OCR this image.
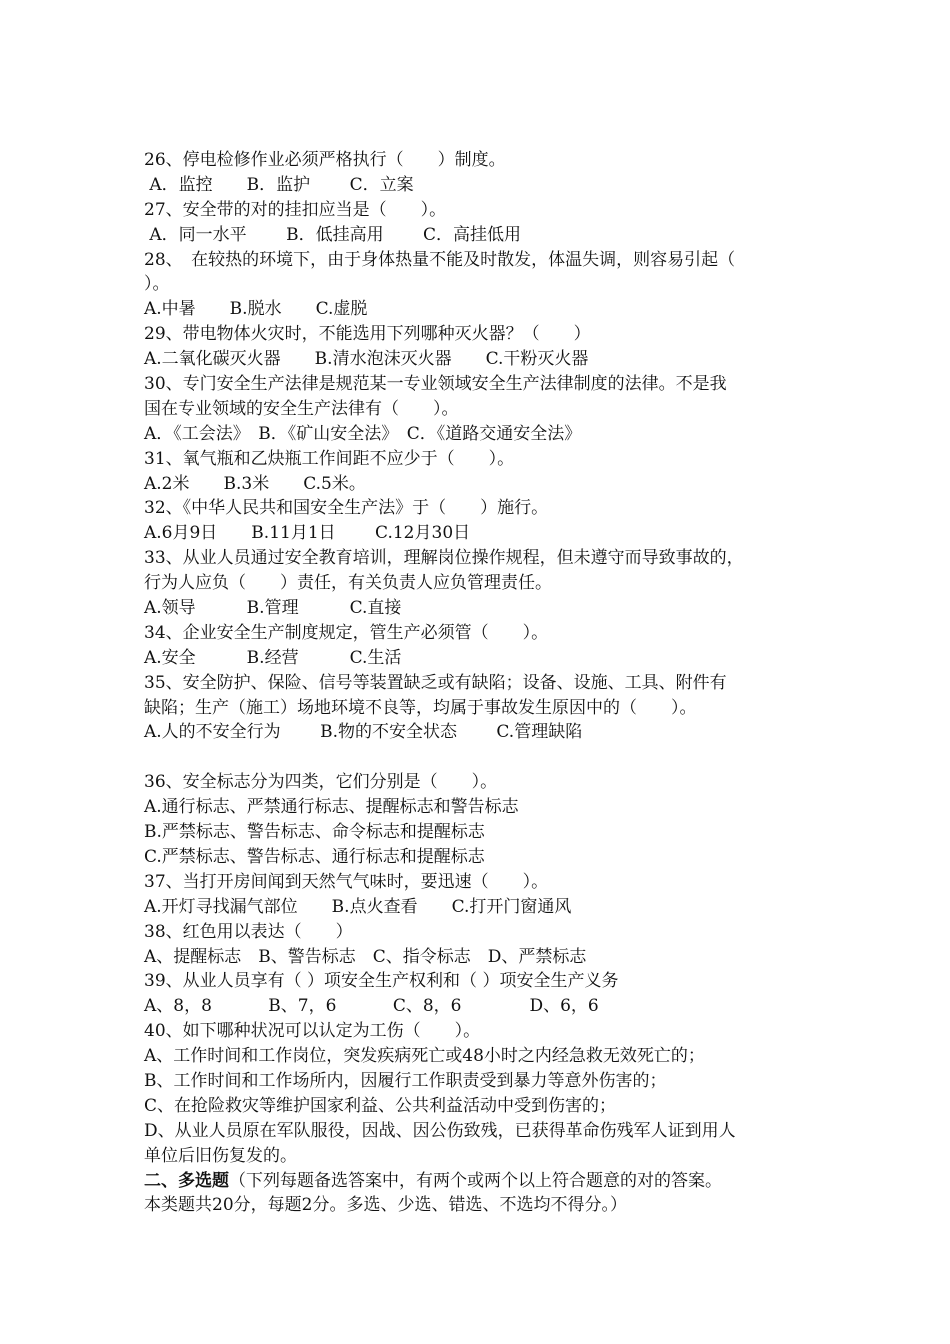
26、停电检修作业必须严格执行（　　）制度。
A．监控　　B．监护　　 C．立案
27、安全带的对的挂扣应当是（　　）。
A．同一水平　　 B．低挂高用　　 C．高挂低用
28、　在较热的环境下，由于身体热量不能及时散发，体温失调，则容易引起（
）。
A.中暑　　B.脱水　　C.虚脱
29、带电物体火灾时，不能选用下列哪种灭火器？（　　）
A.二氧化碳灭火器　　B.清水泡沫灭火器　　C.干粉灭火器
30、专门安全生产法律是规范某一专业领域安全生产法律制度的法律。不是我
国在专业领域的安全生产法律有（　　）。
A．《工会法》　B．《矿山安全法》　C．《道路交通安全法》
31、氧气瓶和乙炔瓶工作间距不应少于（　　）。
A.2米　　B.3米　　C.5米。
32、《中华人民共和国安全生产法》于（　　）施行。
A.6月9日　　B.11月1日　　 C.12月30日
33、从业人员通过安全教育培训，理解岗位操作规程，但未遵守而导致事故的，
行为人应负（　　）责任，有关负责人应负管理责任。
A.领导　　　B.管理　　　C.直接
34、企业安全生产制度规定，管生产必须管（　　）。
A.安全　　　B.经营　　　C.生活
35、安全防护、保险、信号等装置缺乏或有缺陷；设备、设施、工具、附件有
缺陷；生产（施工）场地环境不良等，均属于事故发生原因中的（　　）。
A.人的不安全行为　　 B.物的不安全状态　　 C.管理缺陷
36、安全标志分为四类，它们分别是（　　）。
A.通行标志、严禁通行标志、提醒标志和警告标志
B.严禁标志、警告标志、命令标志和提醒标志
C.严禁标志、警告标志、通行标志和提醒标志
37、当打开房间闻到天然气气味时，要迅速（　　）。
A.开灯寻找漏气部位　　B.点火查看　　C.打开门窗通风
38、红色用以表达（　　）
A、提醒标志　B、警告标志　C、指令标志　D、严禁标志
39、从业人员享有（ ）项安全生产权利和（ ）项安全生产义务
A、8，8　　　 B、7，6　　　 C、8，6　　　　D、6，6
40、如下哪种状况可以认定为工伤（　　）。
A、工作时间和工作岗位，突发疾病死亡或48小时之内经急救无效死亡的；
B、工作时间和工作场所内，因履行工作职责受到暴力等意外伤害的；
C、在抢险救灾等维护国家利益、公共利益活动中受到伤害的；
D、从业人员原在军队服役，因战、因公伤致残，已获得革命伤残军人证到用人
单位后旧伤复发的。
二、多选题（下列每题备选答案中，有两个或两个以上符合题意的对的答案。
本类题共20分，每题2分。多选、少选、错选、不选均不得分。）
